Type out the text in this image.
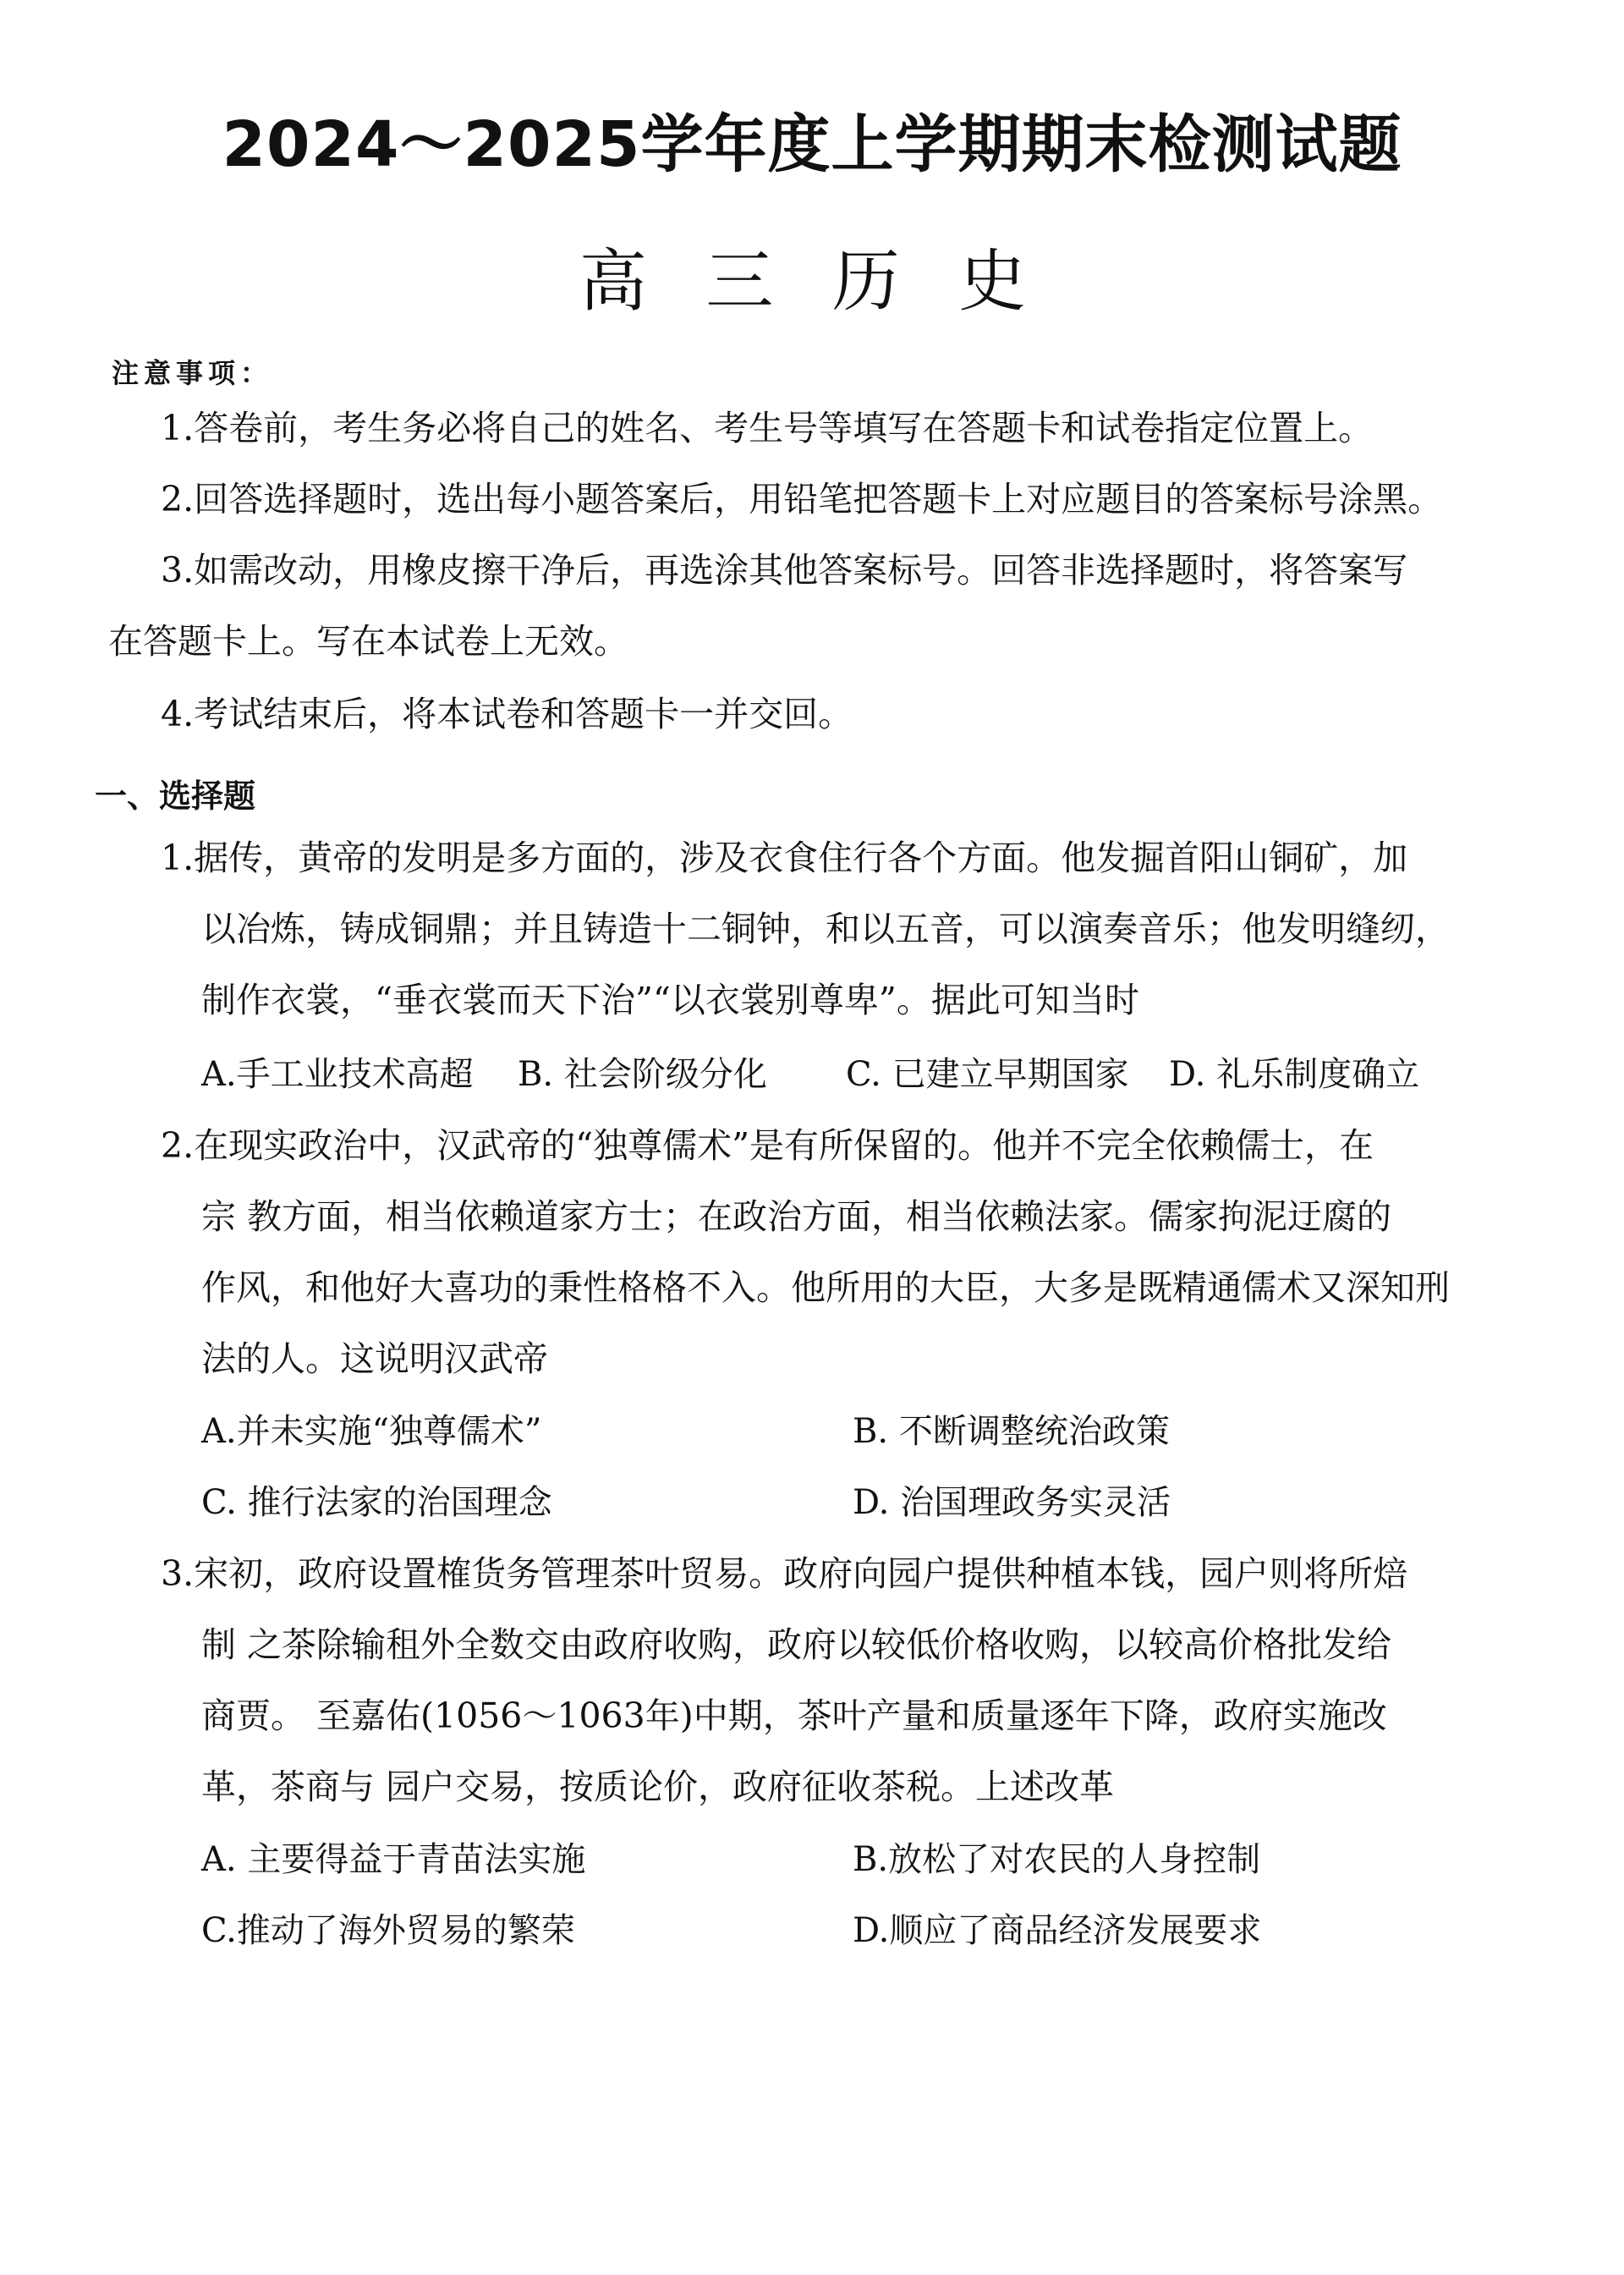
2024～2025学年度上学期期末检测试题
高 三 历 史
注意事项：
1.答卷前，考生务必将自己的姓名、考生号等填写在答题卡和试卷指定位置上。
2.回答选择题时，选出每小题答案后，用铅笔把答题卡上对应题目的答案标号涂黑。
3.如需改动，用橡皮擦干净后，再选涂其他答案标号。回答非选择题时，将答案写
在答题卡上。写在本试卷上无效。
4.考试结束后，将本试卷和答题卡一并交回。
一、选择题
1.据传，黄帝的发明是多方面的，涉及衣食住行各个方面。他发掘首阳山铜矿，加
以冶炼，铸成铜鼎；并且铸造十二铜钟，和以五音，可以演奏音乐；他发明缝纫，
制作衣裳，“垂衣裳而天下治”“以衣裳别尊卑”。据此可知当时
A.手工业技术高超 B. 社会阶级分化 C. 已建立早期国家 D. 礼乐制度确立
2.在现实政治中，汉武帝的“独尊儒术”是有所保留的。他并不完全依赖儒士，在
宗 教方面，相当依赖道家方士；在政治方面，相当依赖法家。儒家拘泥迂腐的
作风，和他好大喜功的秉性格格不入。他所用的大臣，大多是既精通儒术又深知刑
法的人。这说明汉武帝
A.并未实施“独尊儒术”	B. 不断调整统治政策
C. 推行法家的治国理念	D. 治国理政务实灵活
3.宋初，政府设置榷货务管理茶叶贸易。政府向园户提供种植本钱，园户则将所焙
制 之茶除输租外全数交由政府收购，政府以较低价格收购，以较高价格批发给
商贾。 至嘉佑(1056～1063年)中期，茶叶产量和质量逐年下降，政府实施改
革，茶商与 园户交易，按质论价，政府征收茶税。上述改革
A. 主要得益于青苗法实施	B.放松了对农民的人身控制
C.推动了海外贸易的繁荣	D.顺应了商品经济发展要求
